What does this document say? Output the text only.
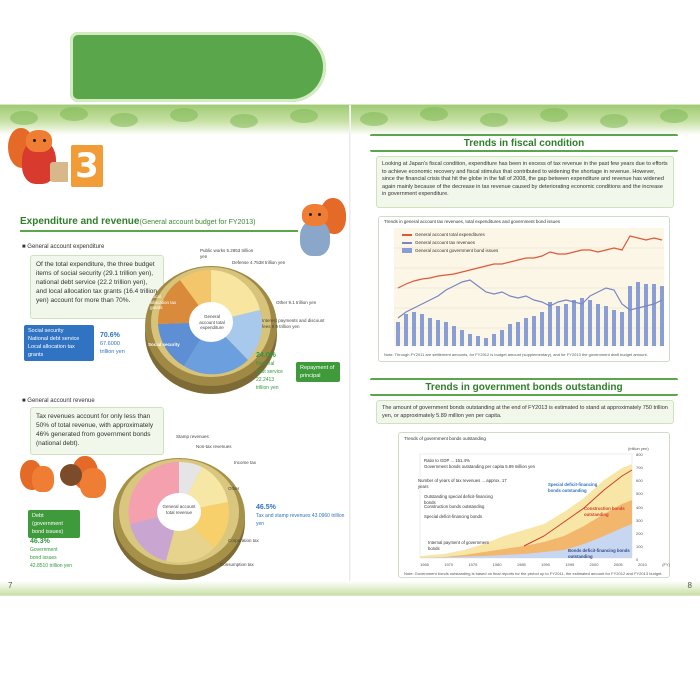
3 Current Status of National Finance
Expenditure and revenue(General account budget for FY2013)
■ General account expenditure
Of the total expenditure, the three budget items of social security (29.1 trillion yen), national debt service (22.2 trillion yen), and local allocation tax grants (16.4 trillion yen) account for more than 70%.
Social security
National debt service
Local allocation tax grants
70.6%
67.6000
trillion yen
General account total expenditure
Social security
Local allocation tax grants
Public works 5.2853 trillion yen
Defense 4.7538 trillion yen
Other 9.1 trillion yen
Interest payments and discount fees 9.9 trillion yen
24.0%
National
debt service
22.2413
trillion yen
Repayment of principal
■ General account revenue
Tax revenues account for only less than 50% of total revenue, with approximately 46% generated from government bonds (national debt).
Debt
(government
bond issues)
46.3%
Government
bond issues
42.8510 trillion yen
General account total revenue
Stamp revenues
Non-tax revenues
Other
Corporation tax
Income tax
Consumption tax
46.5%
Tax and stamp revenues 43.0960 trillion yen
7
Trends in fiscal condition
Looking at Japan's fiscal condition, expenditure has been in excess of tax revenue in the past few years due to efforts to achieve economic recovery and fiscal stimulus that contributed to widening the shortage in revenue. However, since the financial crisis that hit the globe in the fall of 2008, the gap between expenditure and revenue has widened again mainly because of the decrease in tax revenue caused by deteriorating economic conditions and the increase in government expenditure.
Trends in general account tax revenues, total expenditures and government bond issues
General account total expenditures
General account tax revenues
General account government bond issues
Note: Through FY2011 are settlement amounts, for FY2012 is budget amount (supplementary), and for FY2013 the government draft budget amount.
Trends in government bonds outstanding
The amount of government bonds outstanding at the end of FY2013 is estimated to stand at approximately 750 trillion yen, or approximately 5.89 million yen per capita.
Trends of government bonds outstanding
(trillion yen)
Ratio to GDP ... 151.4%
Government bonds outstanding per capita 5.89 million yen
Number of years of tax revenues ... approx. 17 years
Outstanding special deficit-financing bonds
Construction bonds outstanding
Special deficit-financing bonds
Internal payment of government bonds
Special deficit-financing bonds outstanding
Construction bonds outstanding
Bonds deficit-financing bonds outstanding
1965	1970	1975	1980	1985	1990	1995	2000	2005	2010	(FY)
800
700
600
500
400
300
200
100
0
Note: Government bonds outstanding is based on final reports for the period up to FY2011, the estimated amount for FY2012 and FY2013 budget.
8
